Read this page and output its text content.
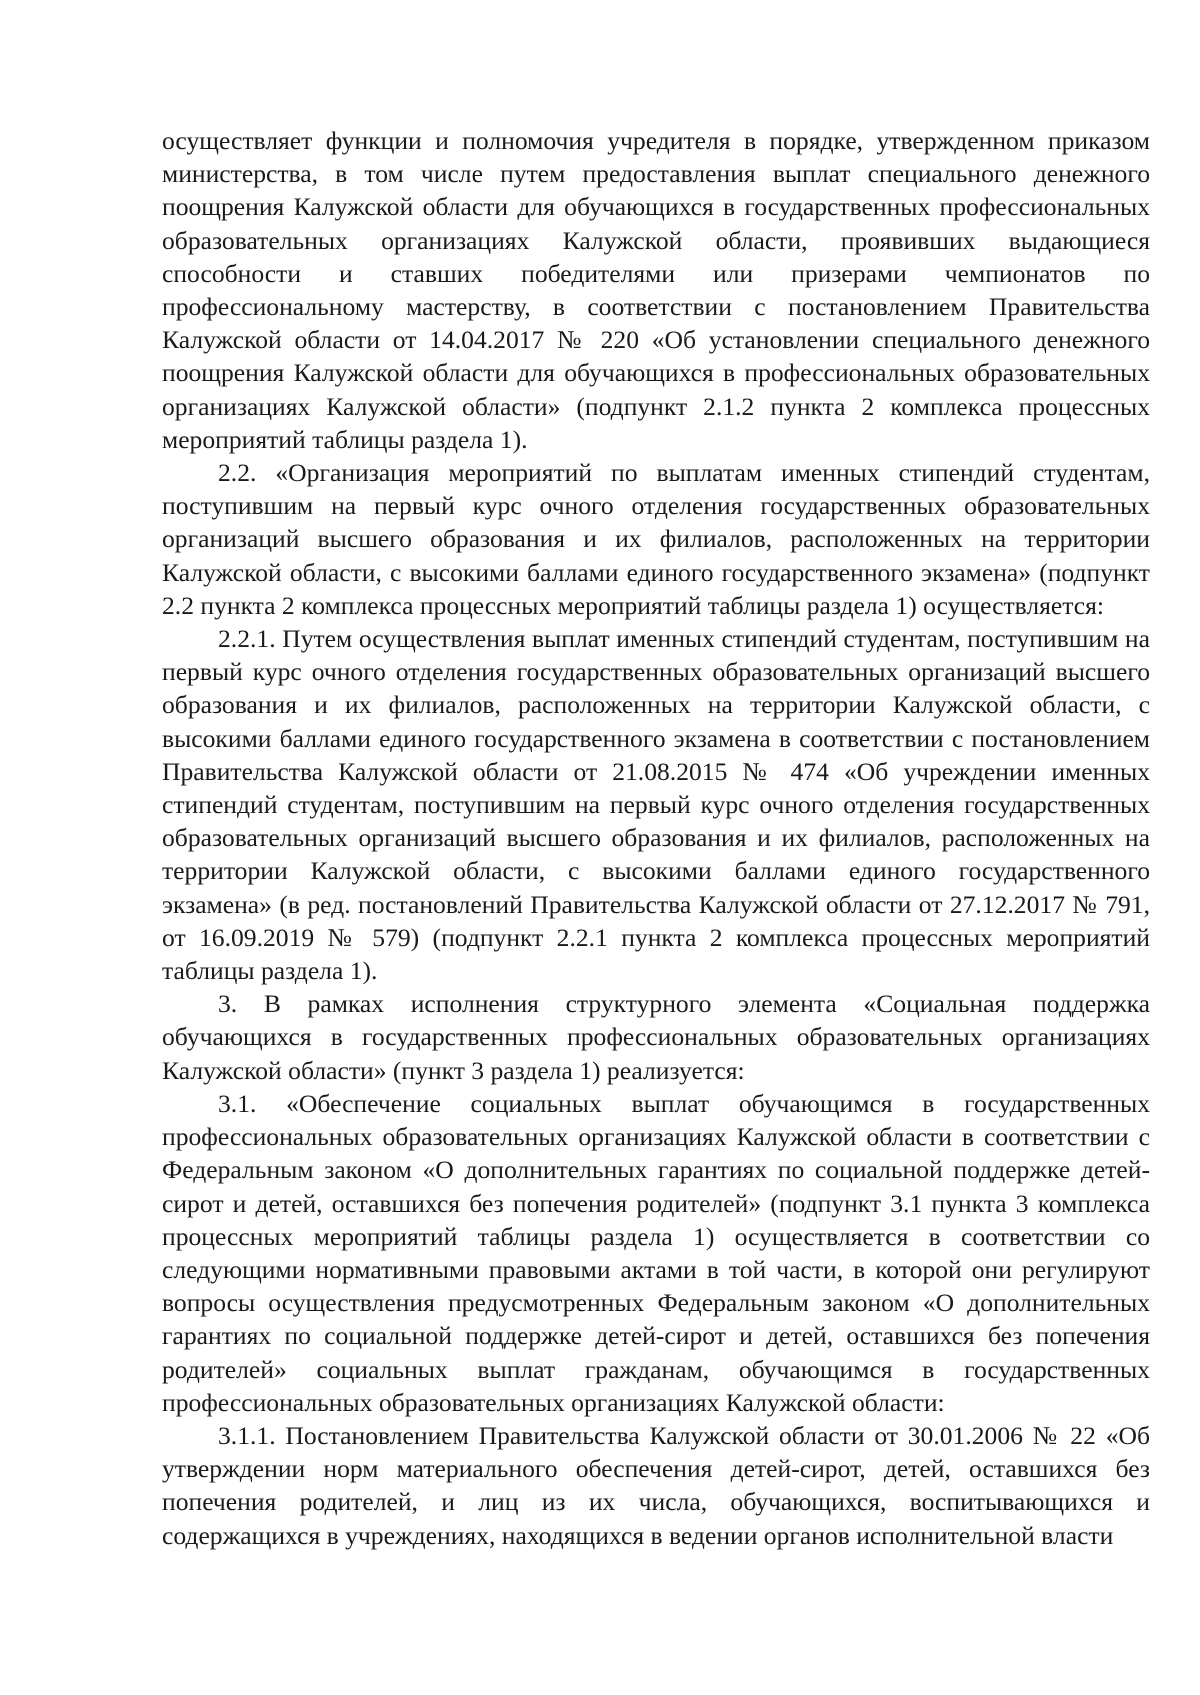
осуществляет функции и полномочия учредителя в порядке, утвержденном приказом министерства, в том числе путем предоставления выплат специального денежного поощрения Калужской области для обучающихся в государственных профессиональных образовательных организациях Калужской области, проявивших выдающиеся способности и ставших победителями или призерами чемпионатов по профессиональному мастерству, в соответствии с постановлением Правительства Калужской области от 14.04.2017 № 220 «Об установлении специального денежного поощрения Калужской области для обучающихся в профессиональных образовательных организациях Калужской области» (подпункт 2.1.2 пункта 2 комплекса процессных мероприятий таблицы раздела 1).

2.2. «Организация мероприятий по выплатам именных стипендий студентам, поступившим на первый курс очного отделения государственных образовательных организаций высшего образования и их филиалов, расположенных на территории Калужской области, с высокими баллами единого государственного экзамена» (подпункт 2.2 пункта 2 комплекса процессных мероприятий таблицы раздела 1) осуществляется:

2.2.1. Путем осуществления выплат именных стипендий студентам, поступившим на первый курс очного отделения государственных образовательных организаций высшего образования и их филиалов, расположенных на территории Калужской области, с высокими баллами единого государственного экзамена в соответствии с постановлением Правительства Калужской области от 21.08.2015 № 474 «Об учреждении именных стипендий студентам, поступившим на первый курс очного отделения государственных образовательных организаций высшего образования и их филиалов, расположенных на территории Калужской области, с высокими баллами единого государственного экзамена» (в ред. постановлений Правительства Калужской области от 27.12.2017 № 791, от 16.09.2019 № 579) (подпункт 2.2.1 пункта 2 комплекса процессных мероприятий таблицы раздела 1).

3. В рамках исполнения структурного элемента «Социальная поддержка обучающихся в государственных профессиональных образовательных организациях Калужской области» (пункт 3 раздела 1) реализуется:

3.1. «Обеспечение социальных выплат обучающимся в государственных профессиональных образовательных организациях Калужской области в соответствии с Федеральным законом «О дополнительных гарантиях по социальной поддержке детей-сирот и детей, оставшихся без попечения родителей» (подпункт 3.1 пункта 3 комплекса процессных мероприятий таблицы раздела 1) осуществляется в соответствии со следующими нормативными правовыми актами в той части, в которой они регулируют вопросы осуществления предусмотренных Федеральным законом «О дополнительных гарантиях по социальной поддержке детей-сирот и детей, оставшихся без попечения родителей» социальных выплат гражданам, обучающимся в государственных профессиональных образовательных организациях Калужской области:

3.1.1. Постановлением Правительства Калужской области от 30.01.2006 № 22 «Об утверждении норм материального обеспечения детей-сирот, детей, оставшихся без попечения родителей, и лиц из их числа, обучающихся, воспитывающихся и содержащихся в учреждениях, находящихся в ведении органов исполнительной власти
